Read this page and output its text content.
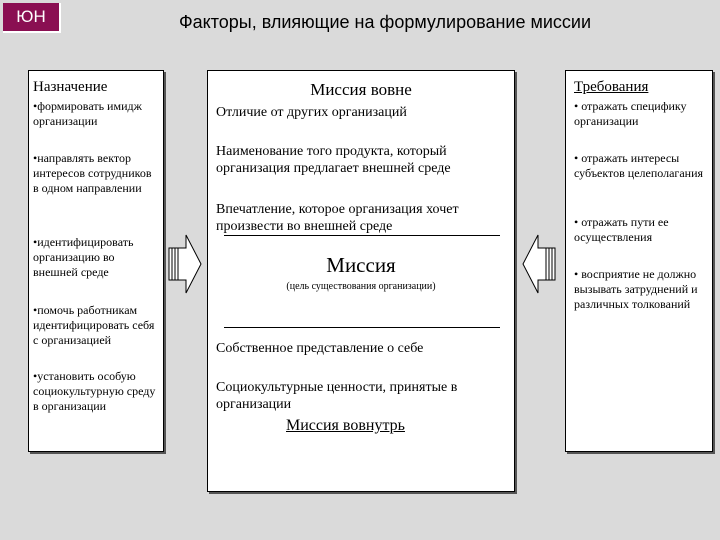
ЮН	Факторы, влияющие на формулирование миссии
Назначение
•формировать имидж организации
•направлять вектор интересов сотрудников в одном направлении
•идентифицировать организацию во внешней среде
•помочь работникам идентифицировать себя с организацией
•установить особую социокультурную среду в организации
Миссия вовне
Отличие от других организаций
Наименование того продукта, который организация предлагает внешней среде
Впечатление, которое организация хочет произвести во внешней среде
Миссия
(цель существования организации)
Собственное представление о себе
Социокультурные ценности, принятые в организации
Миссия вовнутрь
Требования
• отражать специфику организации
• отражать интересы субъектов целеполагания
• отражать пути ее осуществления
• восприятие не должно вызывать затруднений и различных толкований
